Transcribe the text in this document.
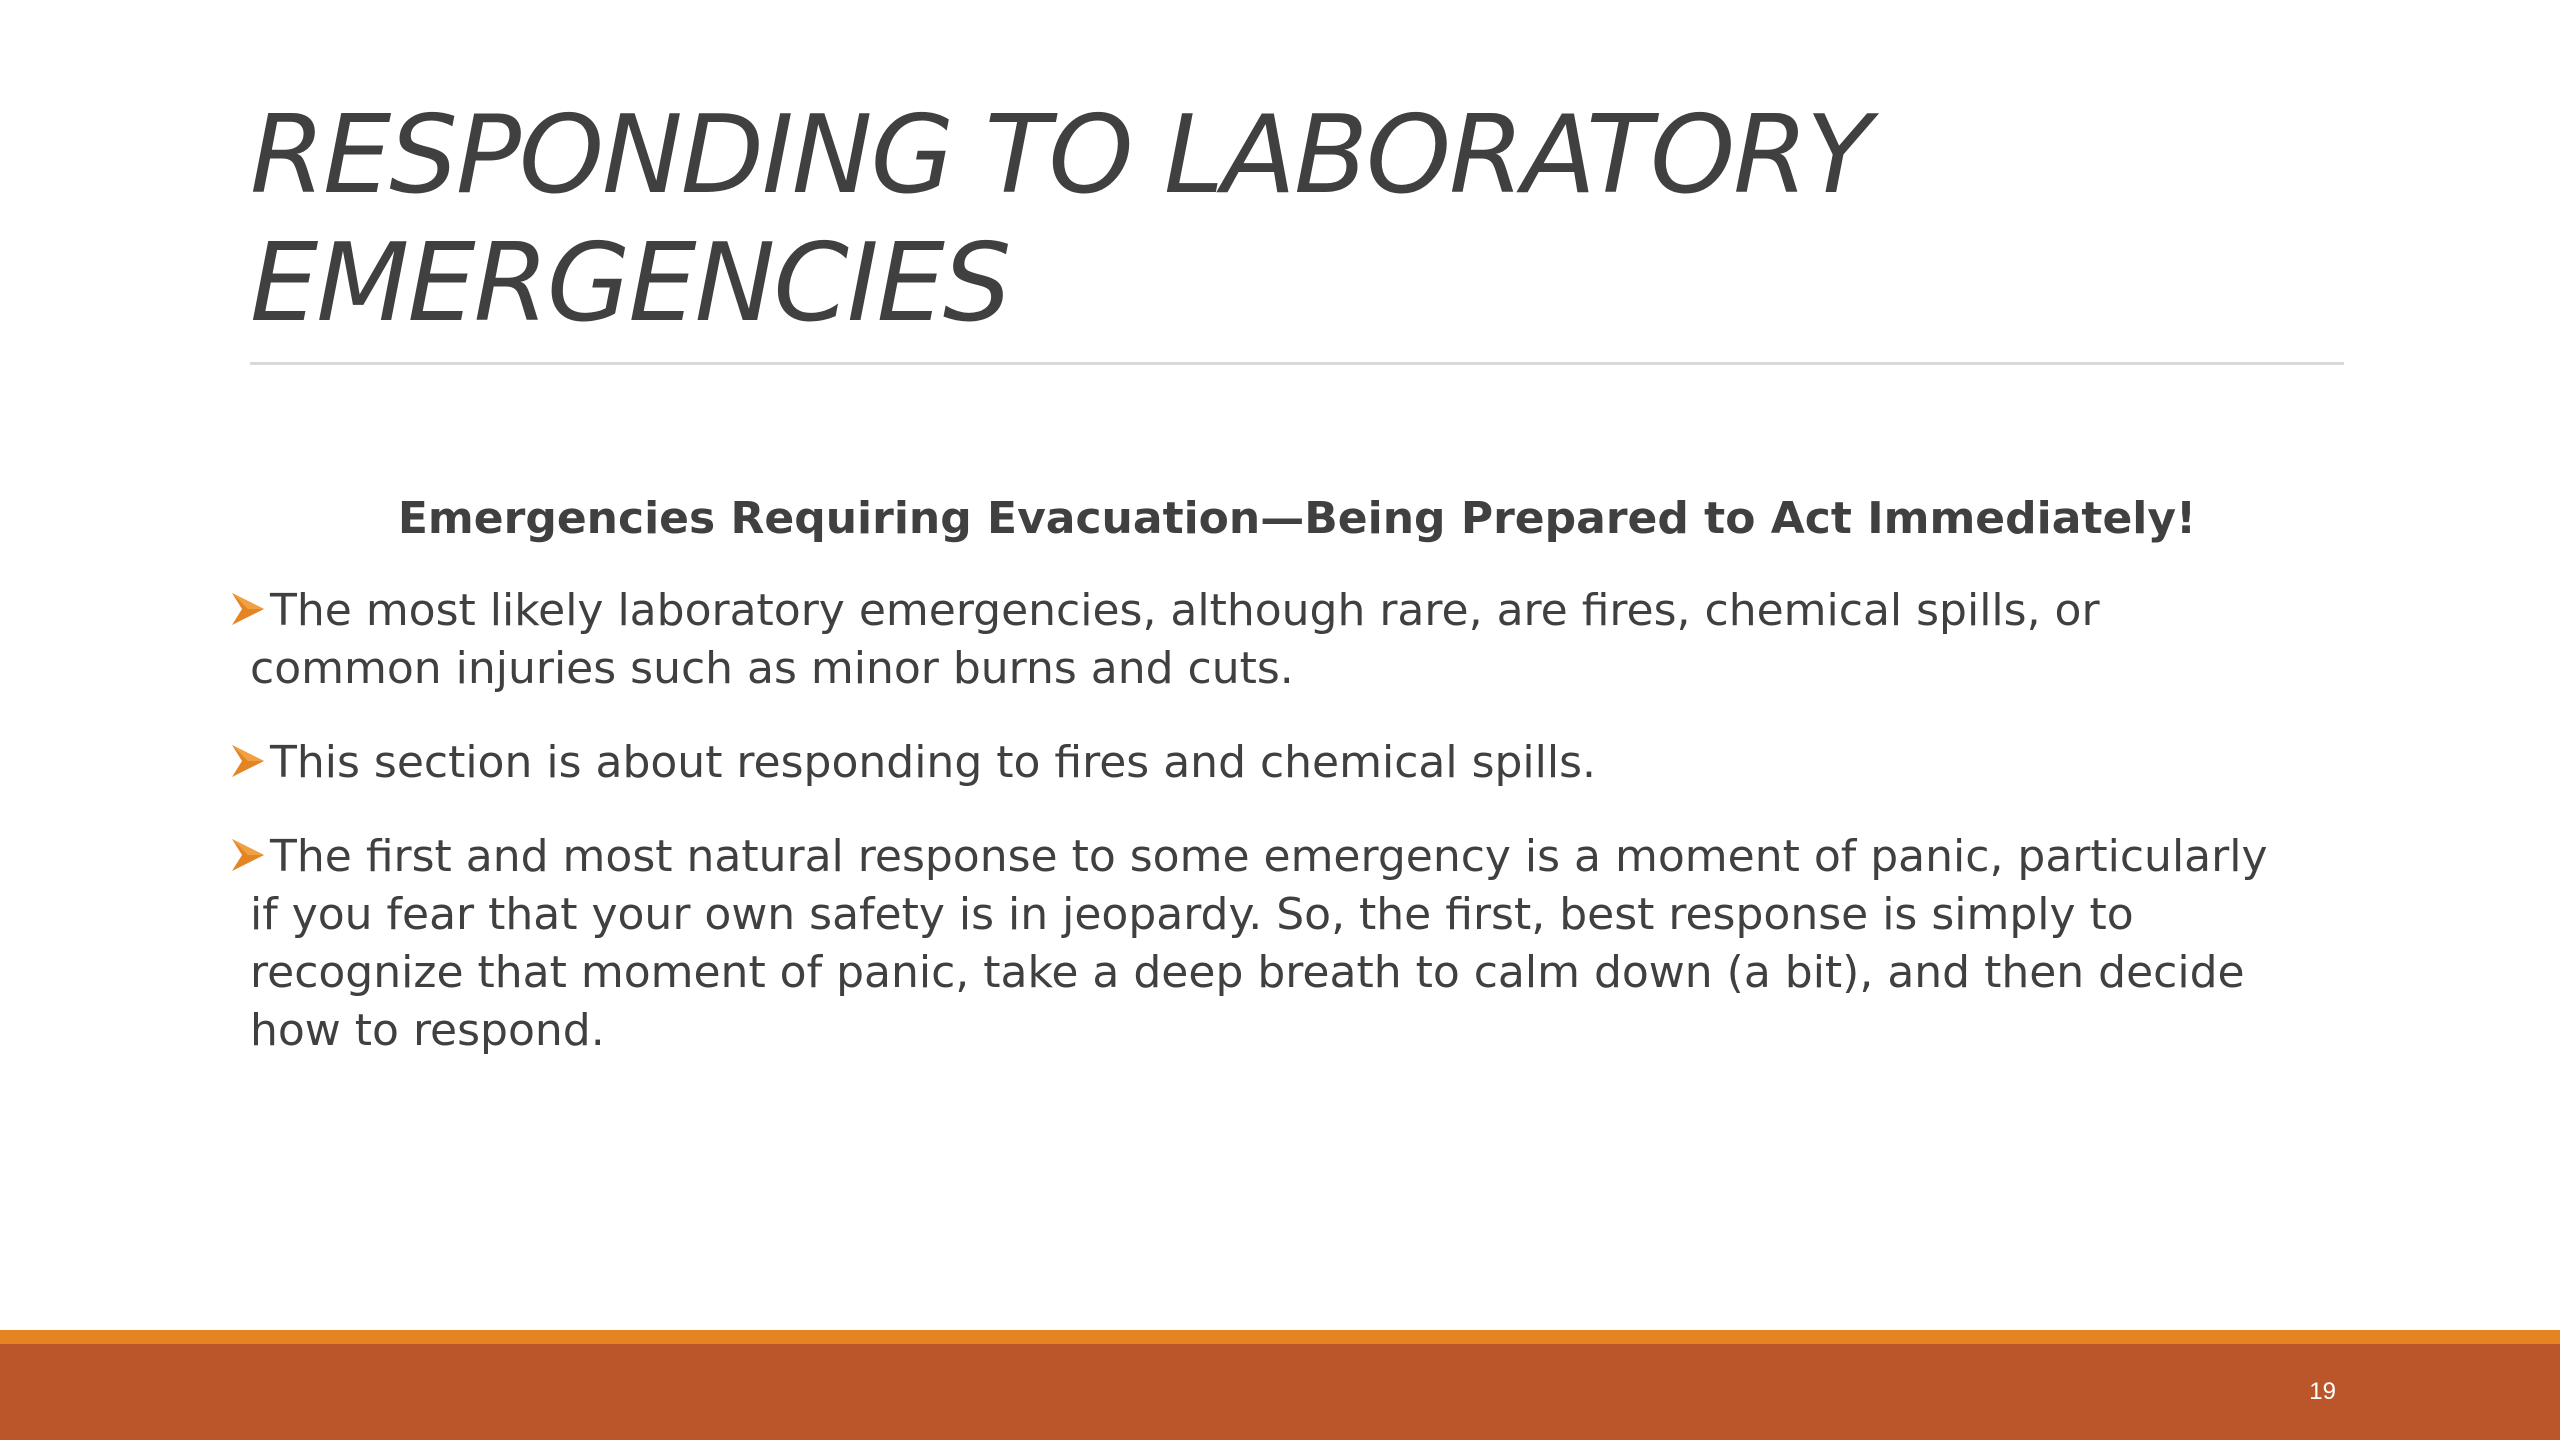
RESPONDING TO LABORATORY
EMERGENCIES
Emergencies Requiring Evacuation—Being Prepared to Act Immediately!
The most likely laboratory emergencies, although rare, are fires, chemical spills, or common injuries such as minor burns and cuts.
This section is about responding to fires and chemical spills.
The first and most natural response to some emergency is a moment of panic, particularly if you fear that your own safety is in jeopardy. So, the first, best response is simply to recognize that moment of panic, take a deep breath to calm down (a bit), and then decide how to respond.
19
